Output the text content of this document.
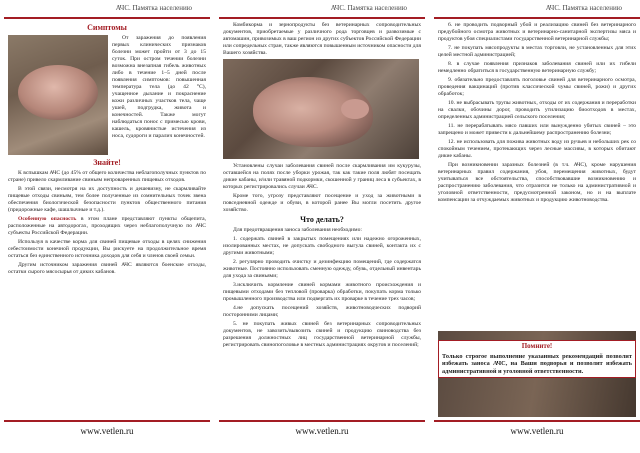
АЧС. Памятка населению
Симптомы

От заражения до появления первых клинических признаков болезни может пройти от 3 до 15 суток. При остром течении болезни возможна внезапная гибель животных либо в течение 1–5 дней после появления симптомов: повышенная температура тела (до 42 °С), учащенное дыхание и покраснение кожи различных участков тела, чаще ушей, подгрудка, живота и конечностей. Также могут наблюдаться понос с примесью крови, кашель, кровянистые истечения из носа, судороги и паралич конечностей.

Знайте!

К вспышкам АЧС (до 45% от общего количества неблагополучных пунктов по стране) привело скармливание свиньям непроваренных пищевых отходов.

В этой связи, несмотря на их доступность и дешевизну, не скармливайте пищевые отходы свиньям, тем более полученные из сомнительных точек звена обеспечения биологической безопасности пунктов общественного питания (придорожные кафе, шашлычные и т.д.).

Особенную опасность в этом плане представляют пункты общепита, расположенные на автодорогах, проходящих через неблагополучную по АЧС субъекты Российской Федерации.

Используя в качестве корма для свиней пищевые отходы в целях снижения себестоимости конечной продукции, Вы рискуете на продолжительное время остаться без единственного источника доходов для себя и членов своей семьи.

Другим источником заражения свиней АЧС являются боенские отходы, остатки сырого мясосырья от диких кабанов.

www.vetlen.ru
АЧС. Памятка населению

Комбикорма и зернопродукты без ветеринарных сопроводительных документов, приобретаемые у различного рода торговцев и развозимые с автомашин, привозимых в ваш регион из других субъектов Российской Федерации или сопредельных стран, также являются повышенным источником опасности для Вашего хозяйства.

Установлены случаи заболевания свиней после скармливания им кукурузы, оставшейся на полях после уборки урожая, так как такие поля любят посещать дикие кабаны, и/или травяной подкормки, скошенной у границ леса в субъектах, в которых регистрировались случаи АЧС.

Кроме того, угрозу представляют посещение и уход за животными в повседневной одежде и обуви, в которой ранее Вы могли посетить другое хозяйство.

Что делать?

Для предотвращения заноса заболевания необходимо:

1. содержать свиней в закрытых помещениях или надежно огороженных, изолированных местах, не допускать свободного выгула свиней, контакта их с другими животными;

2. регулярно проводить очистку и дезинфекцию помещений, где содержатся животные. Постоянно использовать сменную одежду, обувь, отдельный инвентарь для ухода за свиньями;

3.исключить кормление свиней кормами животного происхождения и пищевыми отходами без тепловой (проварка) обработки, покупать корма только промышленного производства или подвергать их проварке в течение трех часов;

4.не допускать посещений хозяйств, животноводческих подворий посторонними лицами;

5. не покупать живых свиней без ветеринарных сопроводительных документов, не завозить/вывозить свиней и продукцию свиноводства без разрешения должностных лиц государственной ветеринарной службы, регистрировать свинопоголовье в местных администрациях округов и поселений;

www.vetlen.ru
АЧС. Памятка населению

6. не проводить подворный убой и реализацию свиней без ветеринарного предубойного осмотра животных и ветеринарно-санитарной экспертизы мяса и продуктов убоя специалистами государственной ветеринарной службы;

7. не покупать мясопродукты в местах торговли, не установленных для этих целей местной администрацией;

8. в случае появления признаков заболевания свиней или их гибели немедленно обратиться в государственную ветеринарную службу;

9. обязательно предоставлять поголовье свиней для ветеринарного осмотра, проведения вакцинаций (против классической чумы свиней, рожи) и других обработок;

10. не выбрасывать трупы животных, отходы от их содержания и переработки на свалки, обочины дорог, проводить утилизацию биоотходов в местах, определенных администрацией сельского поселения;

11. не перерабатывать мясо павших или вынужденно убитых свиней – это запрещено и может привести к дальнейшему распространению болезни;

12. не использовать для пожива животных воду из ручьев и небольших рек со спокойным течением, протекающих через лесные массивы, в которых обитают дикие кабаны.

При возникновении заразных болезней (в т.ч. АЧС), кроме нарушения ветеринарных правил содержания, убоя, перемещения животных, будут учитываться все обстоятельства, способствовавшие возникновению и распространению заболевания, что отразится не только на административной и уголовной ответственности, предусмотренной законом, но и на выплате компенсации за отчуждаемых животных и продукцию животноводства.

Помните!
Только строгое выполнение указанных рекомендаций позволит избежать заноса АЧС, на Ваши подворья и позволит избежать административной и уголовной ответственности.
www.vetlen.ru
